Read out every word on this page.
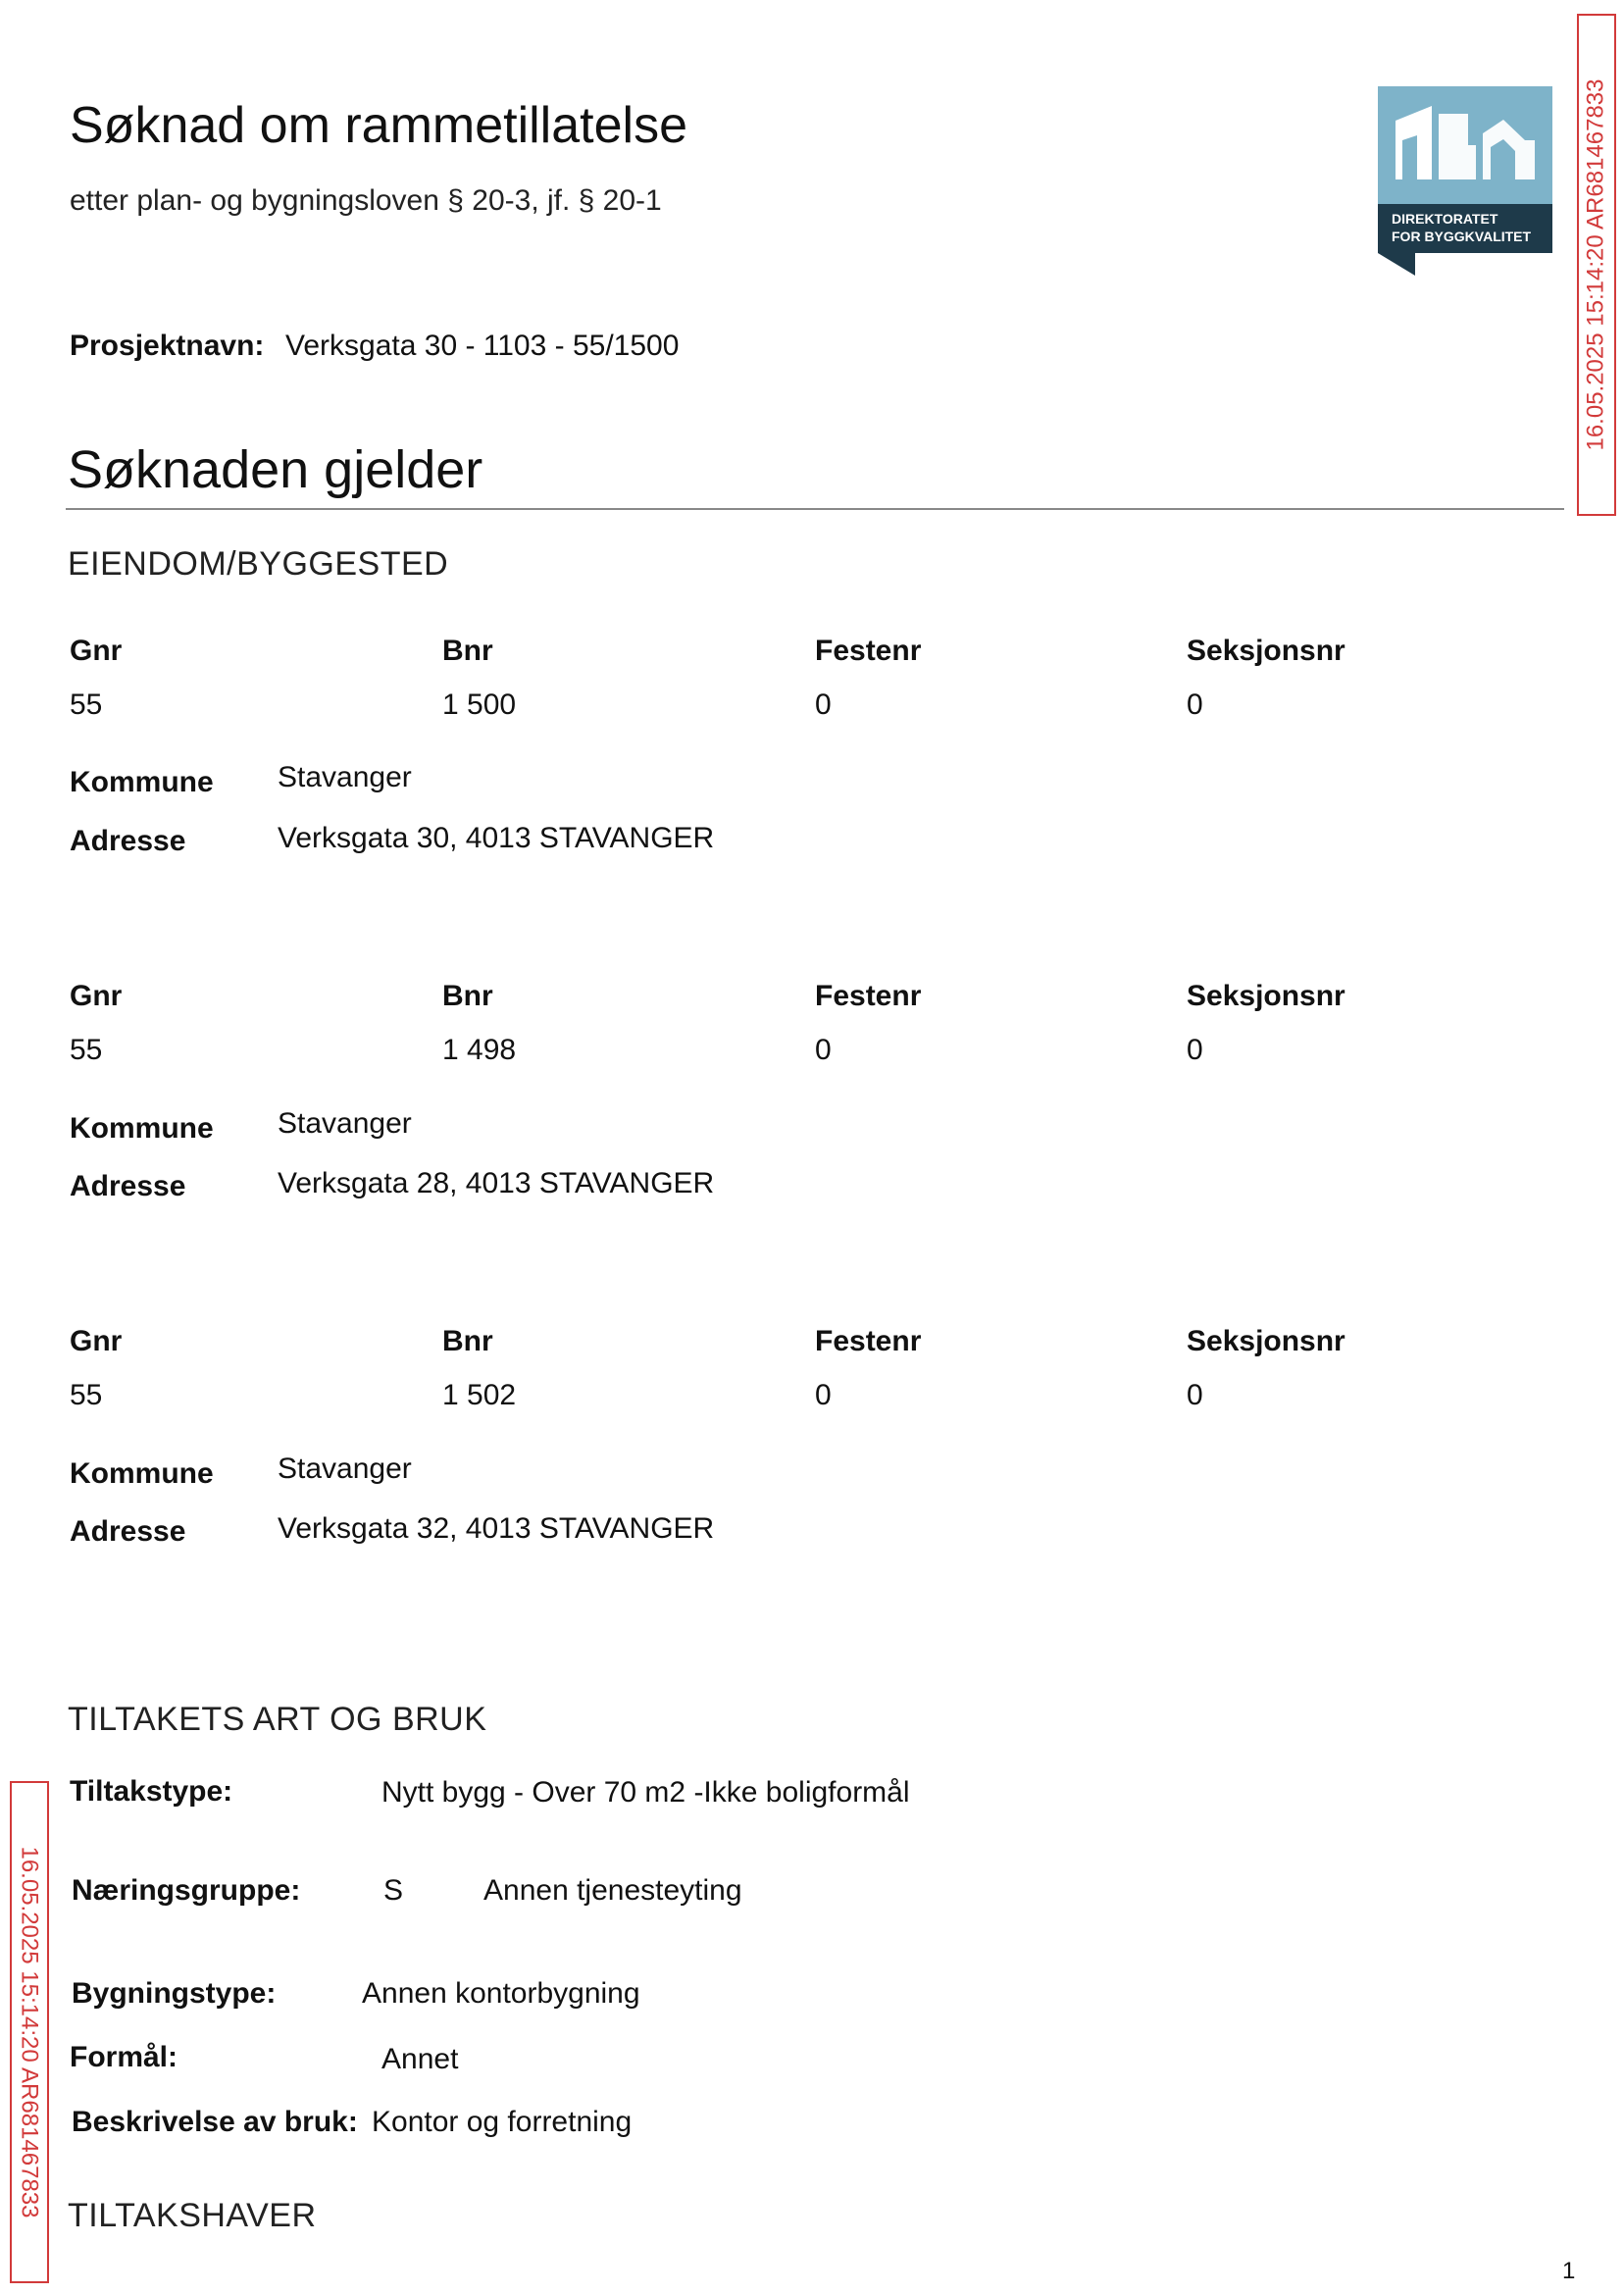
Søknad om rammetillatelse
etter plan- og bygningsloven § 20-3, jf. § 20-1
DIREKTORATET
FOR BYGGKVALITET
Prosjektnavn: Verksgata 30 - 1103 - 55/1500
Søknaden gjelder
EIENDOM/BYGGESTED
Gnr	Bnr	Festenr	Seksjonsnr
55	1 500	0	0
Kommune Stavanger
Adresse	Verksgata 30, 4013 STAVANGER
Gnr	Bnr	Festenr	Seksjonsnr
55	1 498	0	0
Kommune Stavanger
Adresse	Verksgata 28, 4013 STAVANGER
Gnr	Bnr	Festenr	Seksjonsnr
55	1 502	0	0
Kommune Stavanger
Adresse	Verksgata 32, 4013 STAVANGER
TILTAKETS ART OG BRUK
Tiltakstype:	Nytt bygg - Over 70 m2 -Ikke boligformål
Næringsgruppe:	S	Annen tjenesteyting
Bygningstype:	Annen kontorbygning
Formål:	Annet
Beskrivelse av bruk: Kontor og forretning
TILTAKSHAVER
16.05.2025 15:14:20 AR681467833
16.05.2025 15:14:20 AR681467833
1
